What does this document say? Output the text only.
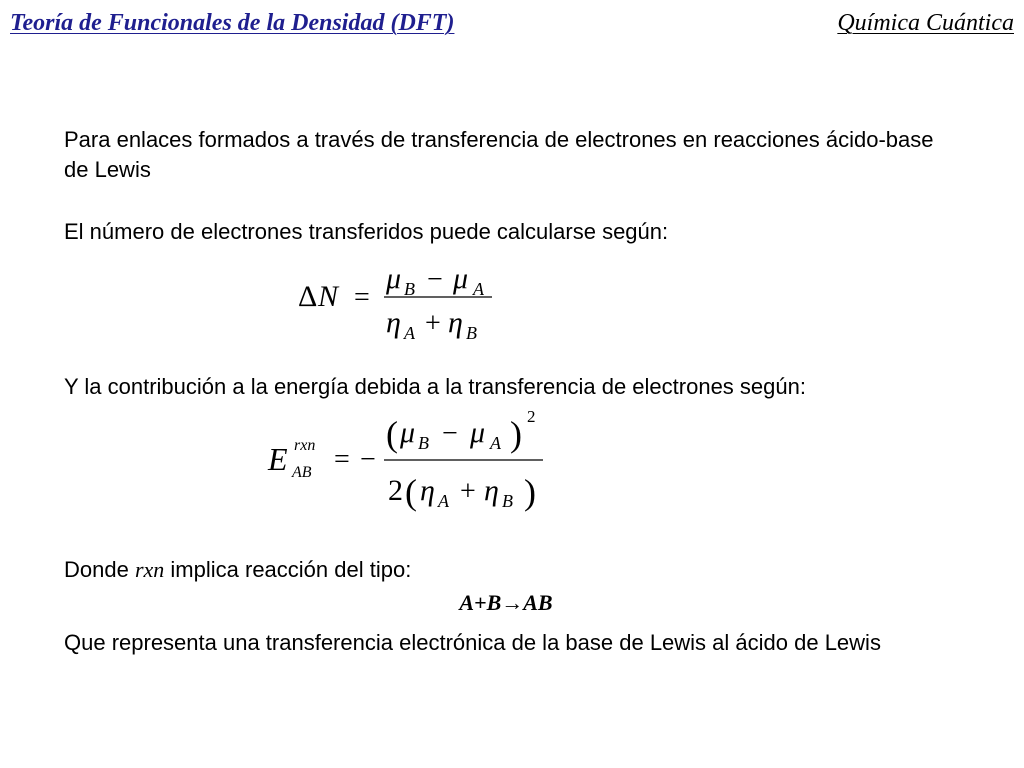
Teoría de Funcionales de la Densidad (DFT)	Química Cuántica

Para enlaces formados a través de transferencia de electrones en reacciones ácido-base de Lewis

El número de electrones transferidos puede calcularse según:

Δ N =
μ B − μ A
η A + η B

Y la contribución a la energía debida a la transferencia de electrones según:

E rxn
AB = −
( μ B − μ A ) 2
2 ( η A + η B )

Donde rxn implica reacción del tipo:

A+B→AB

Que representa una transferencia electrónica de la base de Lewis al ácido de Lewis
